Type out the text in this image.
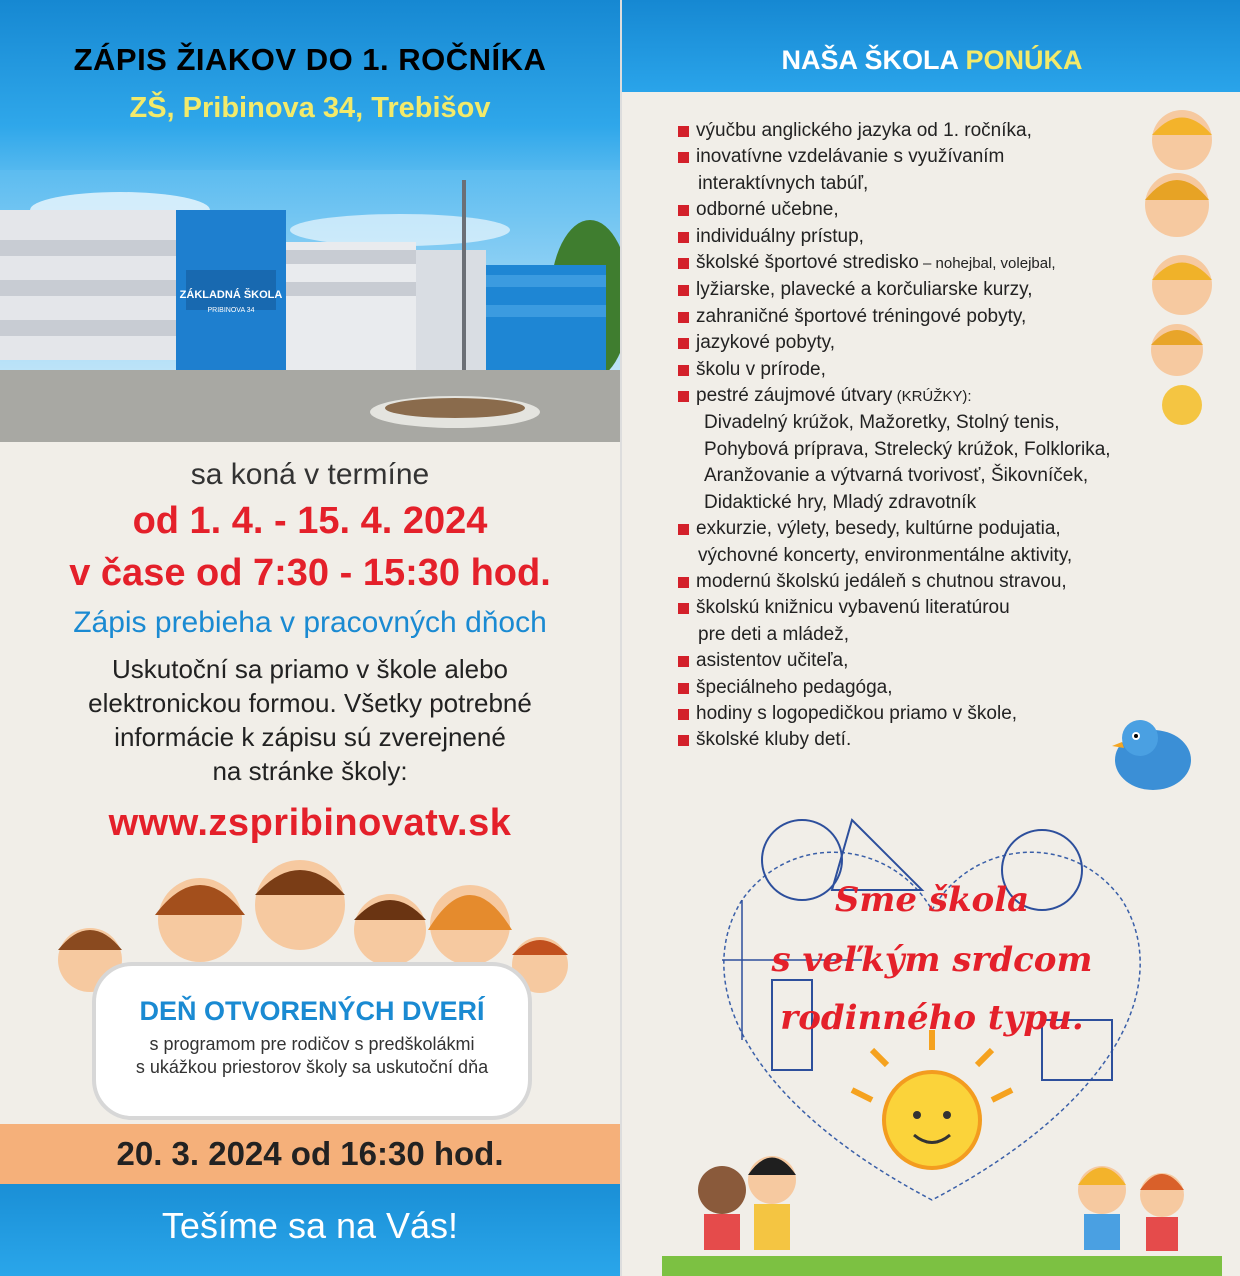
ZÁPIS ŽIAKOV DO 1. ROČNÍKA
ZŠ, Pribinova 34, Trebišov
ZÁKLADNÁ ŠKOLA
PRIBINOVA 34
sa koná v termíne
od 1. 4. - 15. 4. 2024
v čase od 7:30 - 15:30 hod.
Zápis prebieha v pracovných dňoch
Uskutoční sa priamo v škole alebo
elektronickou formou. Všetky potrebné
informácie k zápisu sú zverejnené
na stránke školy:
www.zspribinovatv.sk
DEŇ OTVORENÝCH DVERÍ
s programom pre rodičov s predškolákmi
s ukážkou priestorov školy sa uskutoční dňa
20. 3. 2024 od 16:30 hod.
Tešíme sa na Vás!
NAŠA ŠKOLA PONÚKA
výučbu anglického jazyka od 1. ročníka,
inovatívne vzdelávanie s využívaním
interaktívnych tabúľ,
odborné učebne,
individuálny prístup,
školské športové stredisko – nohejbal, volejbal,
lyžiarske, plavecké a korčuliarske kurzy,
zahraničné športové tréningové pobyty,
jazykové pobyty,
školu v prírode,
pestré záujmové útvary (KRÚŽKY):
Divadelný krúžok, Mažoretky, Stolný tenis,
Pohybová príprava, Strelecký krúžok, Folklorika,
Aranžovanie a výtvarná tvorivosť, Šikovníček,
Didaktické hry, Mladý zdravotník
exkurzie, výlety, besedy, kultúrne podujatia,
výchovné koncerty, environmentálne aktivity,
modernú školskú jedáleň s chutnou stravou,
školskú knižnicu vybavenú literatúrou
pre deti a mládež,
asistentov učiteľa,
špeciálneho pedagóga,
hodiny s logopedičkou priamo v škole,
školské kluby detí.
Sme škola
s veľkým srdcom
rodinného typu.
